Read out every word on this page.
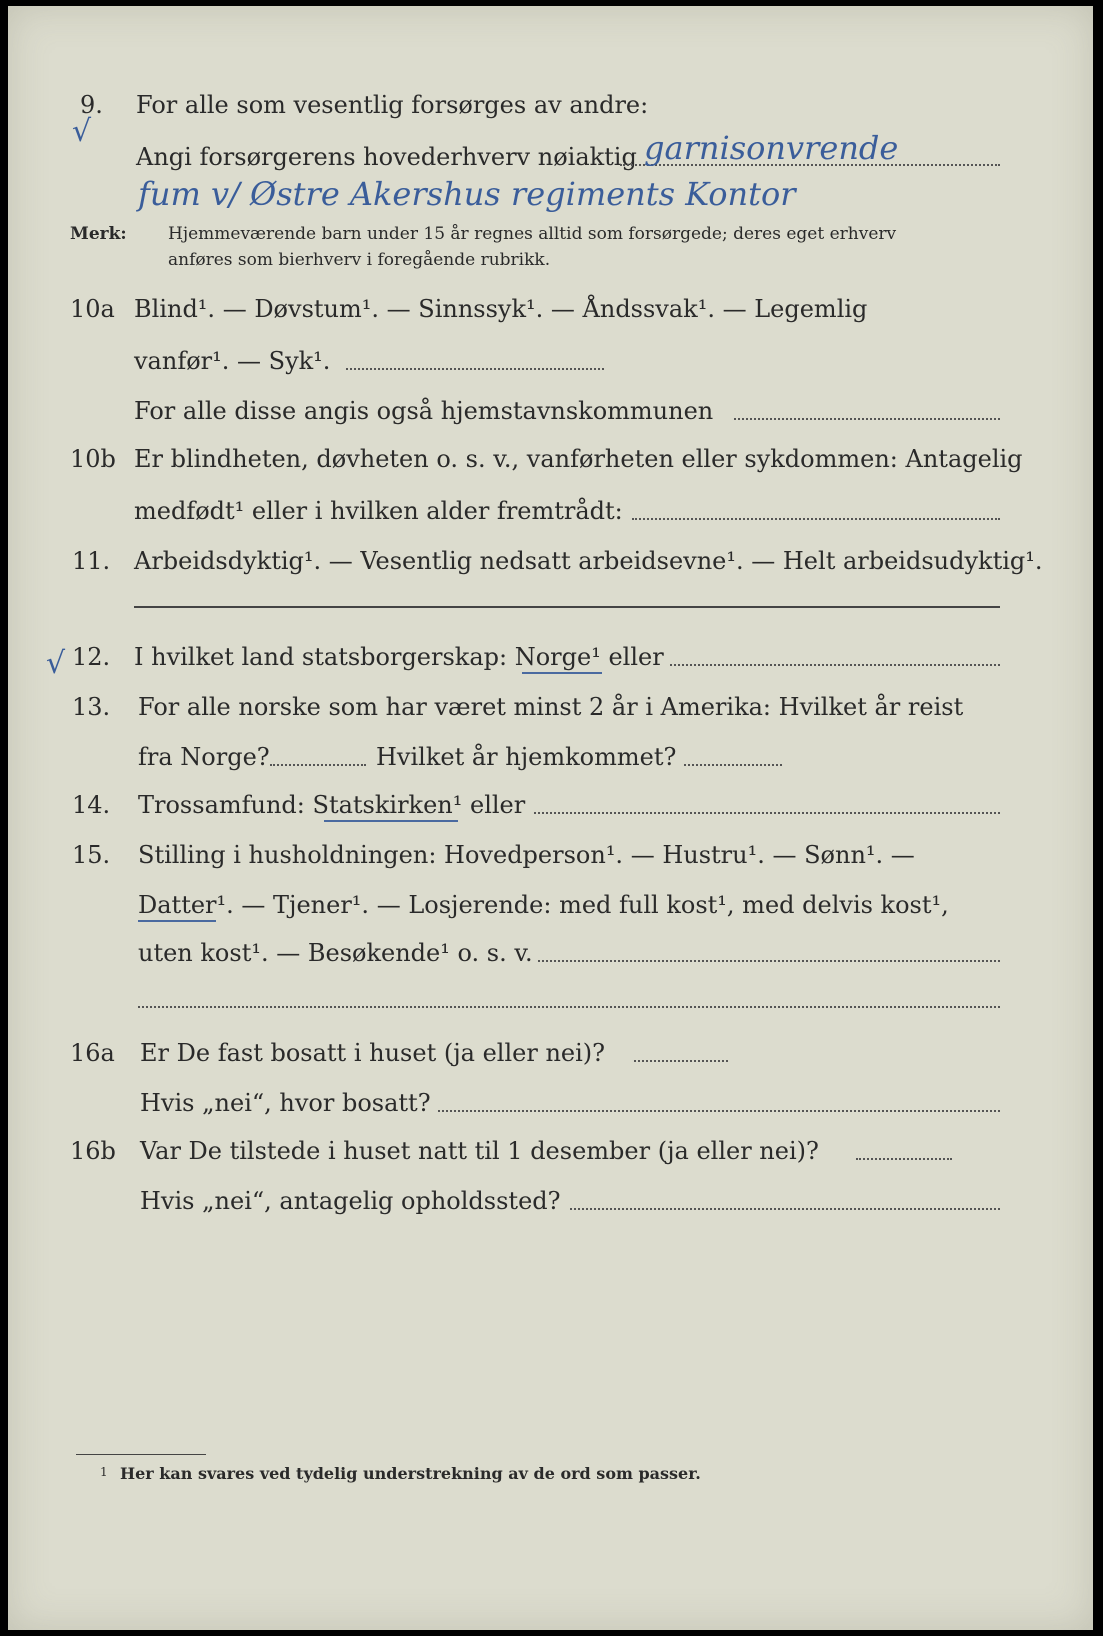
9.
√
For alle som vesentlig forsørges av andre:
Angi forsørgerens hovederhverv nøiaktig garnisonvrende
fum v/ Østre Akershus regiments Kontor
Merk: Hjemmeværende barn under 15 år regnes alltid som forsørgede; deres eget erhverv
anføres som bierhverv i foregående rubrikk.
10a Blind¹. — Døvstum¹. — Sinnssyk¹. — Åndssvak¹. — Legemlig
vanfør¹. — Syk¹.
For alle disse angis også hjemstavnskommunen
10b Er blindheten, døvheten o. s. v., vanførheten eller sykdommen: Antagelig
medfødt¹ eller i hvilken alder fremtrådt:
11. Arbeidsdyktig¹. — Vesentlig nedsatt arbeidsevne¹. — Helt arbeidsudyktig¹.
√ 12. I hvilket land statsborgerskap: Norge¹ eller
13. For alle norske som har været minst 2 år i Amerika: Hvilket år reist
fra Norge?	Hvilket år hjemkommet?
14. Trossamfund: Statskirken¹ eller
15. Stilling i husholdningen: Hovedperson¹. — Hustru¹. — Sønn¹. —
Datter¹. — Tjener¹. — Losjerende: med full kost¹, med delvis kost¹,
uten kost¹. — Besøkende¹ o. s. v.
16a Er De fast bosatt i huset (ja eller nei)?
Hvis „nei“, hvor bosatt?
16b Var De tilstede i huset natt til 1 desember (ja eller nei)?
Hvis „nei“, antagelig opholdssted?
1 Her kan svares ved tydelig understrekning av de ord som passer.
